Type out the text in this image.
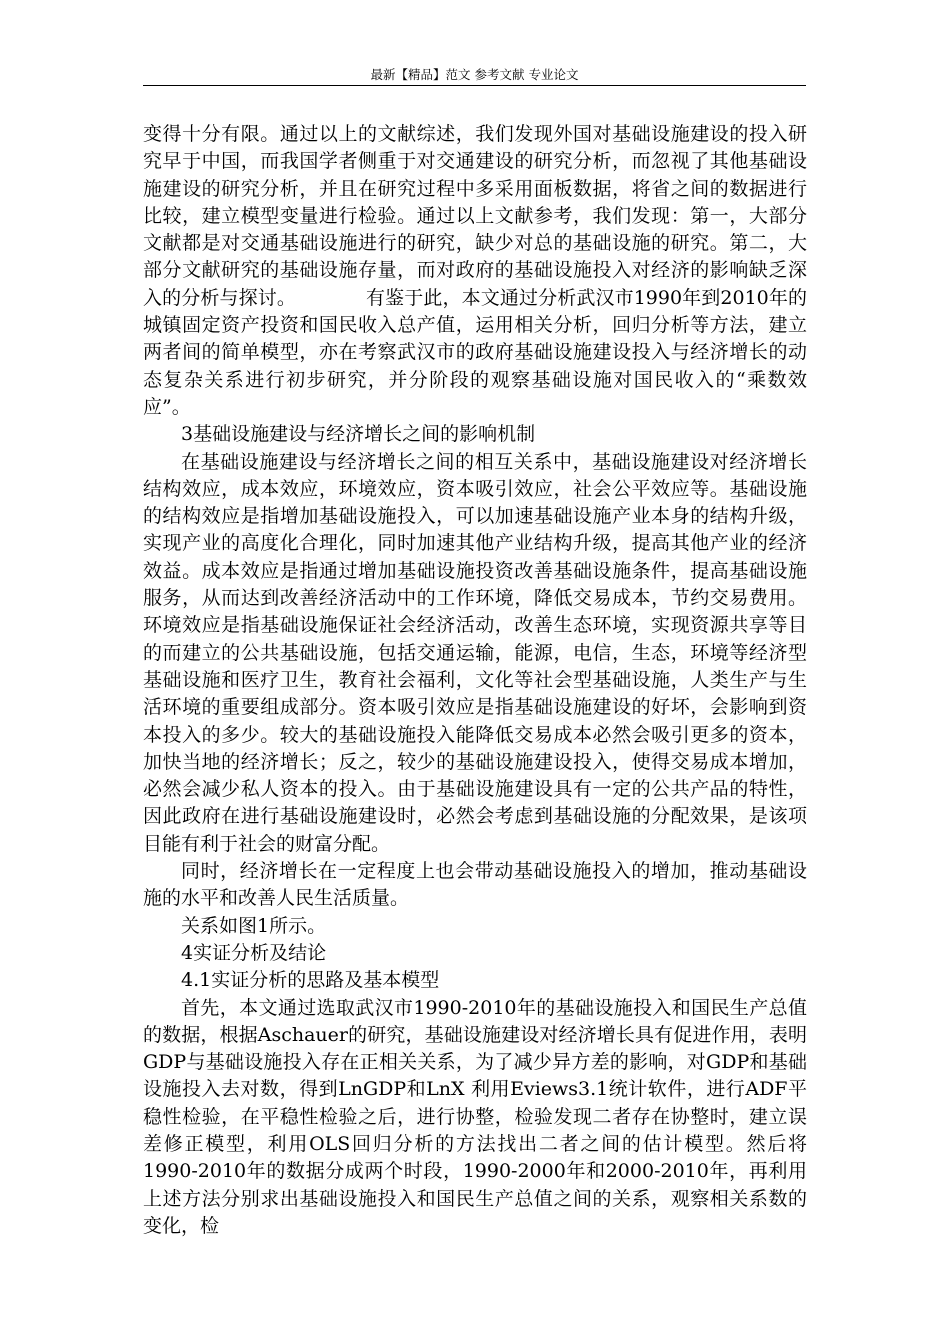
最新【精品】范文 参考文献 专业论文

变得十分有限。通过以上的文献综述，我们发现外国对基础设施建设的投入研究早于中国，而我国学者侧重于对交通建设的研究分析，而忽视了其他基础设施建设的研究分析，并且在研究过程中多采用面板数据，将省之间的数据进行比较，建立模型变量进行检验。通过以上文献参考，我们发现：第一，大部分文献都是对交通基础设施进行的研究，缺少对总的基础设施的研究。第二，大部分文献研究的基础设施存量，而对政府的基础设施投入对经济的影响缺乏深入的分析与探讨。	有鉴于此，本文通过分析武汉市1990年到2010年的城镇固定资产投资和国民收入总产值，运用相关分析，回归分析等方法，建立两者间的简单模型，亦在考察武汉市的政府基础设施建设投入与经济增长的动态复杂关系进行初步研究，并分阶段的观察基础设施对国民收入的“乘数效应”。

3基础设施建设与经济增长之间的影响机制

在基础设施建设与经济增长之间的相互关系中，基础设施建设对经济增长结构效应，成本效应，环境效应，资本吸引效应，社会公平效应等。基础设施的结构效应是指增加基础设施投入，可以加速基础设施产业本身的结构升级，实现产业的高度化合理化，同时加速其他产业结构升级，提高其他产业的经济效益。成本效应是指通过增加基础设施投资改善基础设施条件，提高基础设施服务，从而达到改善经济活动中的工作环境，降低交易成本，节约交易费用。环境效应是指基础设施保证社会经济活动，改善生态环境，实现资源共享等目的而建立的公共基础设施，包括交通运输，能源，电信，生态，环境等经济型基础设施和医疗卫生，教育社会福利，文化等社会型基础设施，人类生产与生活环境的重要组成部分。资本吸引效应是指基础设施建设的好坏，会影响到资本投入的多少。较大的基础设施投入能降低交易成本必然会吸引更多的资本，加快当地的经济增长；反之，较少的基础设施建设投入，使得交易成本增加，必然会减少私人资本的投入。由于基础设施建设具有一定的公共产品的特性，因此政府在进行基础设施建设时，必然会考虑到基础设施的分配效果，是该项目能有利于社会的财富分配。

同时，经济增长在一定程度上也会带动基础设施投入的增加，推动基础设施的水平和改善人民生活质量。

关系如图1所示。

4实证分析及结论

4.1实证分析的思路及基本模型

首先，本文通过选取武汉市1990-2010年的基础设施投入和国民生产总值的数据，根据Aschauer的研究，基础设施建设对经济增长具有促进作用，表明GDP与基础设施投入存在正相关关系，为了减少异方差的影响，对GDP和基础设施投入去对数，得到LnGDP和LnX 利用Eviews3.1统计软件，进行ADF平稳性检验，在平稳性检验之后，进行协整，检验发现二者存在协整时，建立误差修正模型，利用OLS回归分析的方法找出二者之间的估计模型。然后将1990-2010年的数据分成两个时段，1990-2000年和2000-2010年，再利用上述方法分别求出基础设施投入和国民生产总值之间的关系，观察相关系数的变化，检
